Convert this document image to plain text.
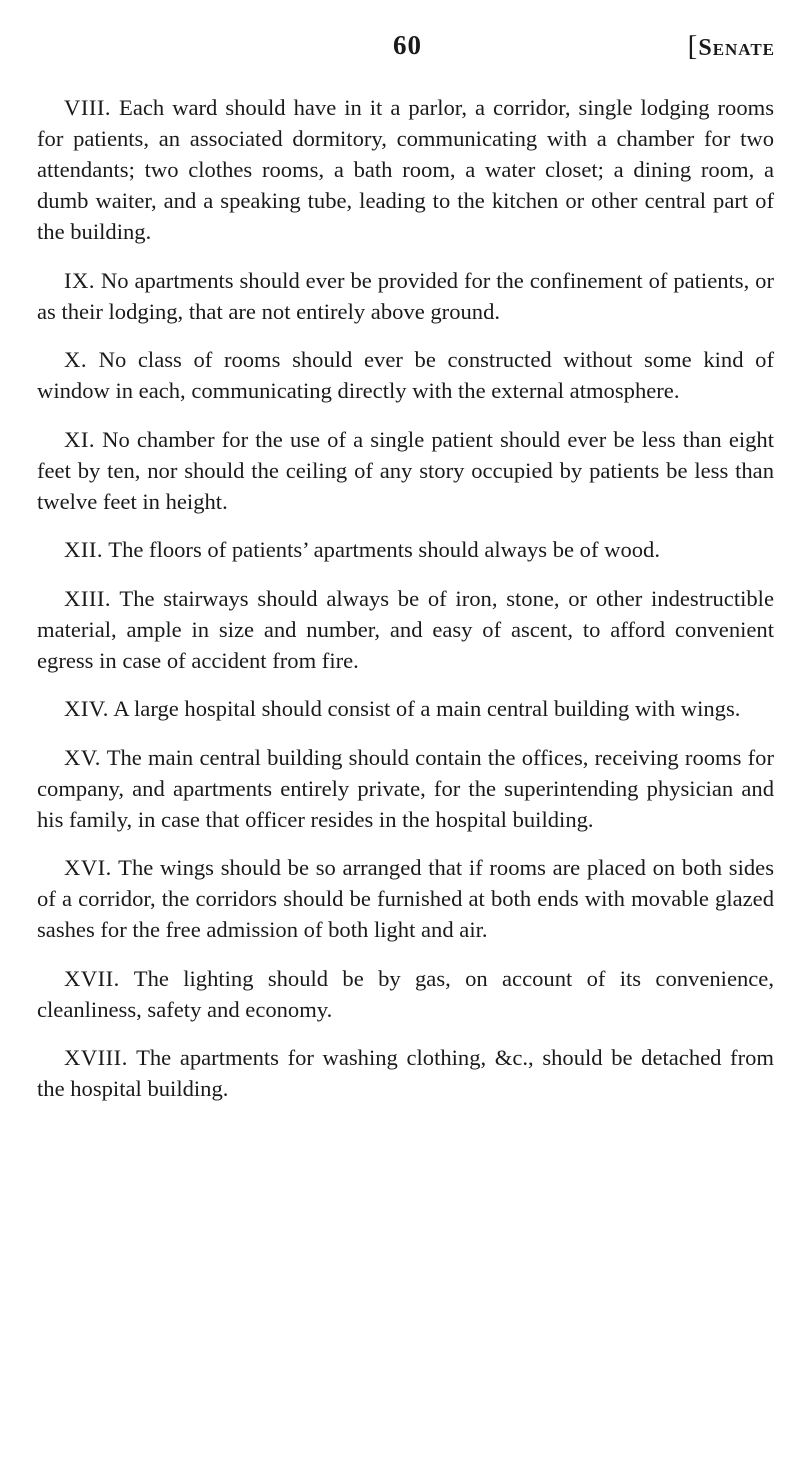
60	[Senate

VIII. Each ward should have in it a parlor, a corridor, single lodging rooms for patients, an associated dormitory, communicating with a chamber for two attendants; two clothes rooms, a bath room, a water closet; a dining room, a dumb waiter, and a speaking tube, leading to the kitchen or other central part of the building.

IX. No apartments should ever be provided for the confinement of patients, or as their lodging, that are not entirely above ground.

X. No class of rooms should ever be constructed without some kind of window in each, communicating directly with the external atmosphere.

XI. No chamber for the use of a single patient should ever be less than eight feet by ten, nor should the ceiling of any story occupied by patients be less than twelve feet in height.

XII. The floors of patients’ apartments should always be of wood.

XIII. The stairways should always be of iron, stone, or other indestructible material, ample in size and number, and easy of ascent, to afford convenient egress in case of accident from fire.

XIV. A large hospital should consist of a main central building with wings.

XV. The main central building should contain the offices, receiving rooms for company, and apartments entirely private, for the superintending physician and his family, in case that officer resides in the hospital building.

XVI. The wings should be so arranged that if rooms are placed on both sides of a corridor, the corridors should be furnished at both ends with movable glazed sashes for the free admission of both light and air.

XVII. The lighting should be by gas, on account of its convenience, cleanliness, safety and economy.

XVIII. The apartments for washing clothing, &c., should be detached from the hospital building.
